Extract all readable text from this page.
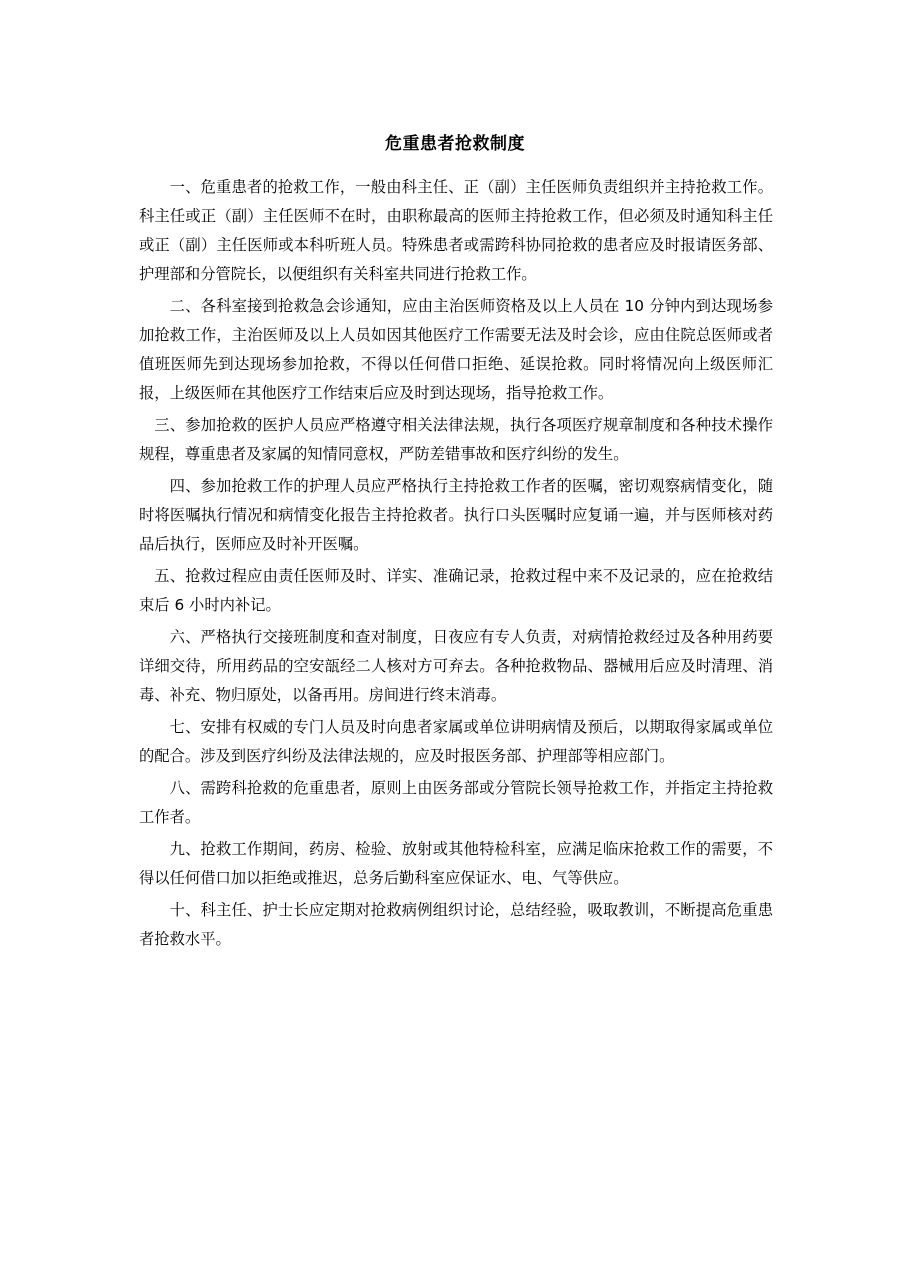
危重患者抢救制度

一、危重患者的抢救工作，一般由科主任、正（副）主任医师负责组织并主持抢救工作。科主任或正（副）主任医师不在时，由职称最高的医师主持抢救工作，但必须及时通知科主任或正（副）主任医师或本科听班人员。特殊患者或需跨科协同抢救的患者应及时报请医务部、护理部和分管院长，以便组织有关科室共同进行抢救工作。

二、各科室接到抢救急会诊通知，应由主治医师资格及以上人员在 10 分钟内到达现场参加抢救工作，主治医师及以上人员如因其他医疗工作需要无法及时会诊，应由住院总医师或者值班医师先到达现场参加抢救，不得以任何借口拒绝、延误抢救。同时将情况向上级医师汇报，上级医师在其他医疗工作结束后应及时到达现场，指导抢救工作。

三、参加抢救的医护人员应严格遵守相关法律法规，执行各项医疗规章制度和各种技术操作规程，尊重患者及家属的知情同意权，严防差错事故和医疗纠纷的发生。

四、参加抢救工作的护理人员应严格执行主持抢救工作者的医嘱，密切观察病情变化，随时将医嘱执行情况和病情变化报告主持抢救者。执行口头医嘱时应复诵一遍，并与医师核对药品后执行，医师应及时补开医嘱。

五、抢救过程应由责任医师及时、详实、准确记录，抢救过程中来不及记录的，应在抢救结束后 6 小时内补记。

六、严格执行交接班制度和查对制度，日夜应有专人负责，对病情抢救经过及各种用药要详细交待，所用药品的空安瓿经二人核对方可弃去。各种抢救物品、器械用后应及时清理、消毒、补充、物归原处，以备再用。房间进行终末消毒。

七、安排有权威的专门人员及时向患者家属或单位讲明病情及预后，以期取得家属或单位的配合。涉及到医疗纠纷及法律法规的，应及时报医务部、护理部等相应部门。

八、需跨科抢救的危重患者，原则上由医务部或分管院长领导抢救工作，并指定主持抢救工作者。

九、抢救工作期间，药房、检验、放射或其他特检科室，应满足临床抢救工作的需要，不得以任何借口加以拒绝或推迟，总务后勤科室应保证水、电、气等供应。

十、科主任、护士长应定期对抢救病例组织讨论，总结经验，吸取教训，不断提高危重患者抢救水平。
